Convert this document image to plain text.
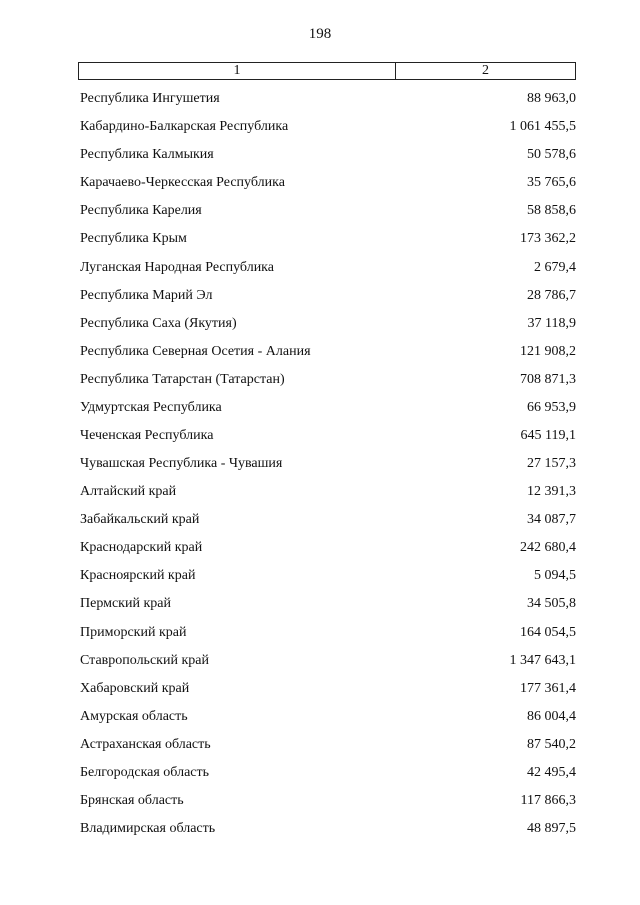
198
1	2
Республика Ингушетия	88 963,0
Кабардино-Балкарская Республика	1 061 455,5
Республика Калмыкия	50 578,6
Карачаево-Черкесская Республика	35 765,6
Республика Карелия	58 858,6
Республика Крым	173 362,2
Луганская Народная Республика	2 679,4
Республика Марий Эл	28 786,7
Республика Саха (Якутия)	37 118,9
Республика Северная Осетия - Алания	121 908,2
Республика Татарстан (Татарстан)	708 871,3
Удмуртская Республика	66 953,9
Чеченская Республика	645 119,1
Чувашская Республика - Чувашия	27 157,3
Алтайский край	12 391,3
Забайкальский край	34 087,7
Краснодарский край	242 680,4
Красноярский край	5 094,5
Пермский край	34 505,8
Приморский край	164 054,5
Ставропольский край	1 347 643,1
Хабаровский край	177 361,4
Амурская область	86 004,4
Астраханская область	87 540,2
Белгородская область	42 495,4
Брянская область	117 866,3
Владимирская область	48 897,5
